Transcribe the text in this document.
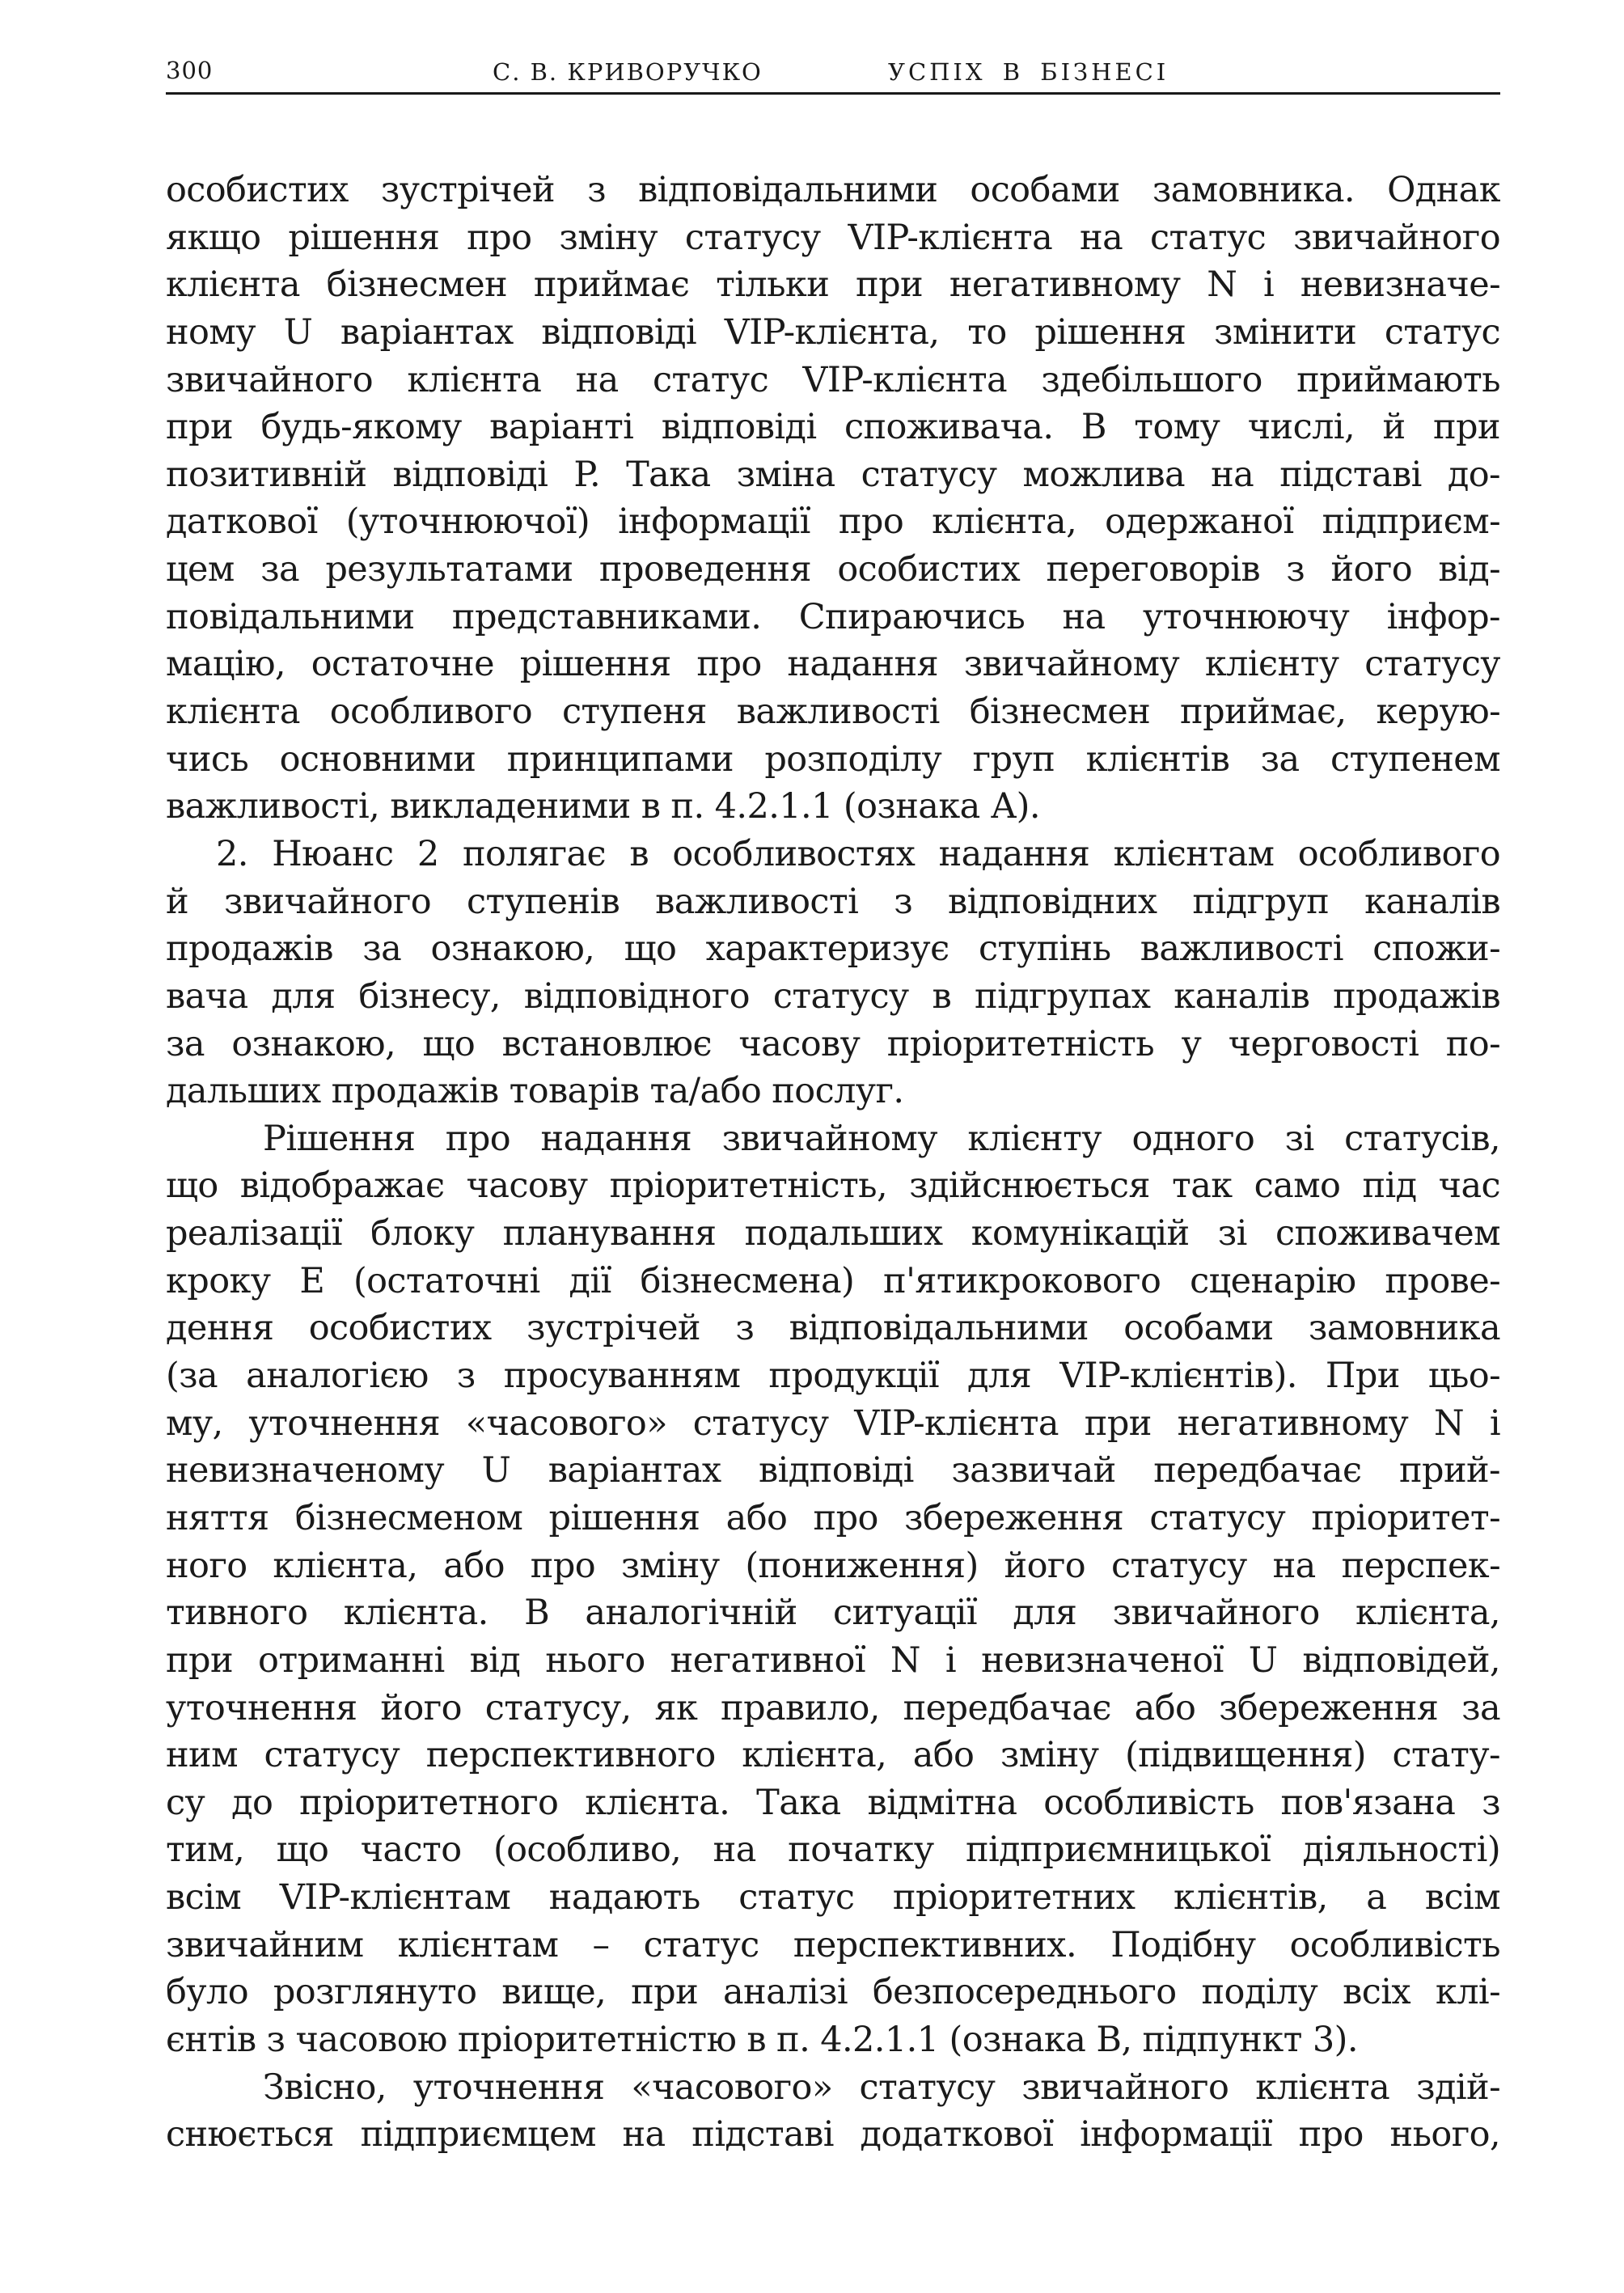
300	С. В. КРИВОРУЧКО	УСПІХ В БІЗНЕСІ
особистих зустрічей з відповідальними особами замовника. Однак
якщо рішення про зміну статусу VIP-клієнта на статус звичайного
клієнта бізнесмен приймає тільки при негативному N і невизначе-
ному U варіантах відповіді VIP-клієнта, то рішення змінити статус
звичайного клієнта на статус VIP-клієнта здебільшого приймають
при будь-якому варіанті відповіді споживача. В тому числі, й при
позитивній відповіді P. Така зміна статусу можлива на підставі до-
даткової (уточнюючої) інформації про клієнта, одержаної підприєм-
цем за результатами проведення особистих переговорів з його від-
повідальними представниками. Спираючись на уточнюючу інфор-
мацію, остаточне рішення про надання звичайному клієнту статусу
клієнта особливого ступеня важливості бізнесмен приймає, керую-
чись основними принципами розподілу груп клієнтів за ступенем
важливості, викладеними в п. 4.2.1.1 (ознака А).
2. Нюанс 2 полягає в особливостях надання клієнтам особливого
й звичайного ступенів важливості з відповідних підгруп каналів
продажів за ознакою, що характеризує ступінь важливості спожи-
вача для бізнесу, відповідного статусу в підгрупах каналів продажів
за ознакою, що встановлює часову пріоритетність у черговості по-
дальших продажів товарів та/або послуг.
Рішення про надання звичайному клієнту одного зі статусів,
що відображає часову пріоритетність, здійснюється так само під час
реалізації блоку планування подальших комунікацій зі споживачем
кроку Е (остаточні дії бізнесмена) п'ятикрокового сценарію прове-
дення особистих зустрічей з відповідальними особами замовника
(за аналогією з просуванням продукції для VIP-клієнтів). При цьо-
му, уточнення «часового» статусу VIP-клієнта при негативному N і
невизначеному U варіантах відповіді зазвичай передбачає прий-
няття бізнесменом рішення або про збереження статусу пріоритет-
ного клієнта, або про зміну (пониження) його статусу на перспек-
тивного клієнта. В аналогічній ситуації для звичайного клієнта,
при отриманні від нього негативної N і невизначеної U відповідей,
уточнення його статусу, як правило, передбачає або збереження за
ним статусу перспективного клієнта, або зміну (підвищення) стату-
су до пріоритетного клієнта. Така відмітна особливість пов'язана з
тим, що часто (особливо, на початку підприємницької діяльності)
всім VIP-клієнтам надають статус пріоритетних клієнтів, а всім
звичайним клієнтам – статус перспективних. Подібну особливість
було розглянуто вище, при аналізі безпосереднього поділу всіх клі-
єнтів з часовою пріоритетністю в п. 4.2.1.1 (ознака В, підпункт 3).
Звісно, уточнення «часового» статусу звичайного клієнта здій-
снюється підприємцем на підставі додаткової інформації про нього,
